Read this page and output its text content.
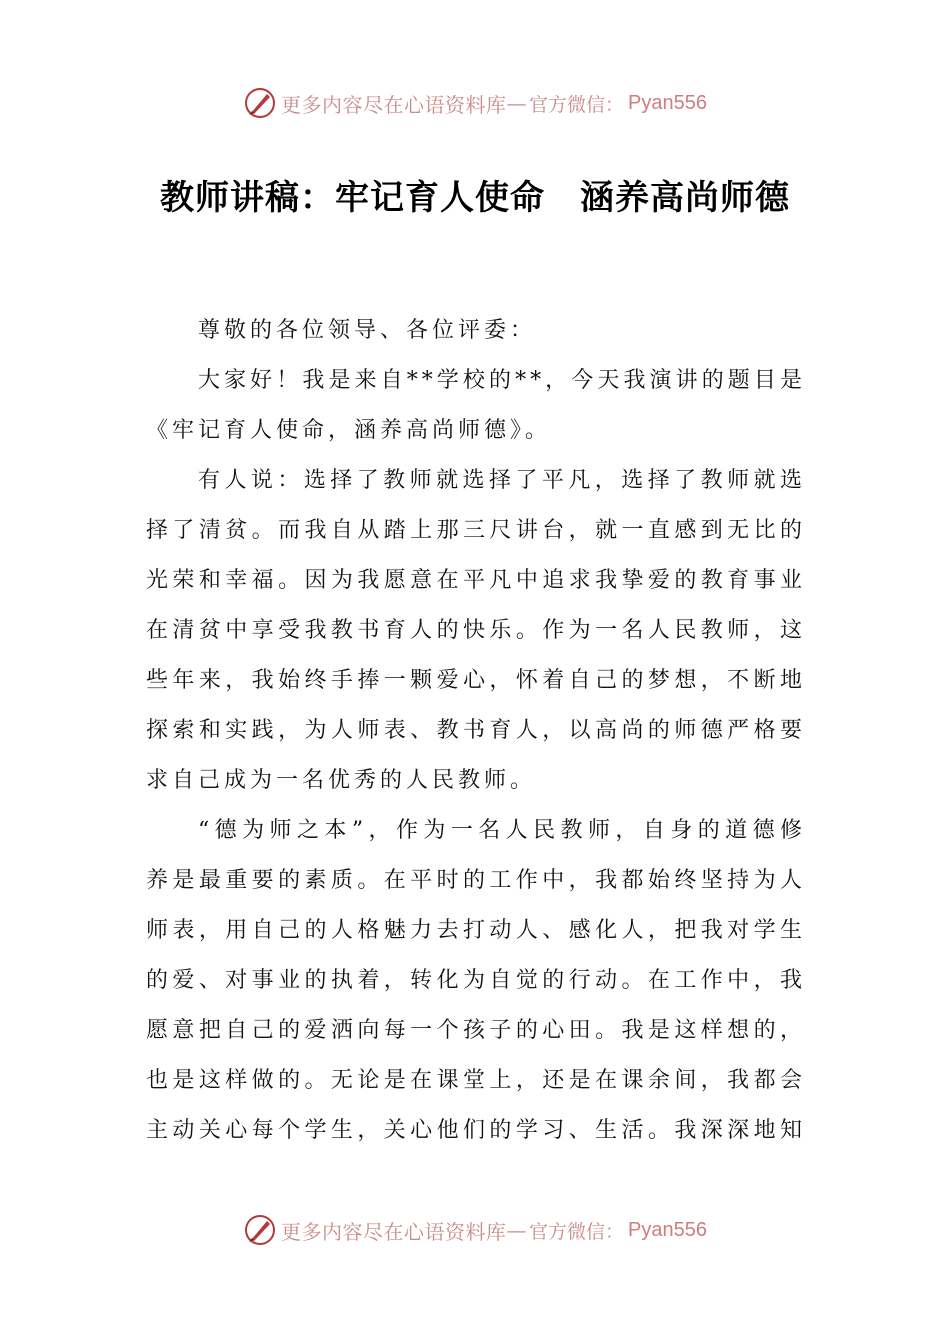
更多内容尽在心语资料库 — 官方微信： Pyan556
教师讲稿：牢记育人使命　涵养高尚师德
尊敬的各位领导、各位评委：
大家好！我是来自**学校的**，今天我演讲的题目是
《牢记育人使命，涵养高尚师德》。
有人说：选择了教师就选择了平凡，选择了教师就选
择了清贫。而我自从踏上那三尺讲台，就一直感到无比的
光荣和幸福。因为我愿意在平凡中追求我挚爱的教育事业
在清贫中享受我教书育人的快乐。作为一名人民教师，这
些年来，我始终手捧一颗爱心，怀着自己的梦想，不断地
探索和实践，为人师表、教书育人，以高尚的师德严格要
求自己成为一名优秀的人民教师。
“德为师之本”，作为一名人民教师，自身的道德修
养是最重要的素质。在平时的工作中，我都始终坚持为人
师表，用自己的人格魅力去打动人、感化人，把我对学生
的爱、对事业的执着，转化为自觉的行动。在工作中，我
愿意把自己的爱洒向每一个孩子的心田。我是这样想的，
也是这样做的。无论是在课堂上，还是在课余间，我都会
主动关心每个学生，关心他们的学习、生活。我深深地知
更多内容尽在心语资料库 — 官方微信： Pyan556
